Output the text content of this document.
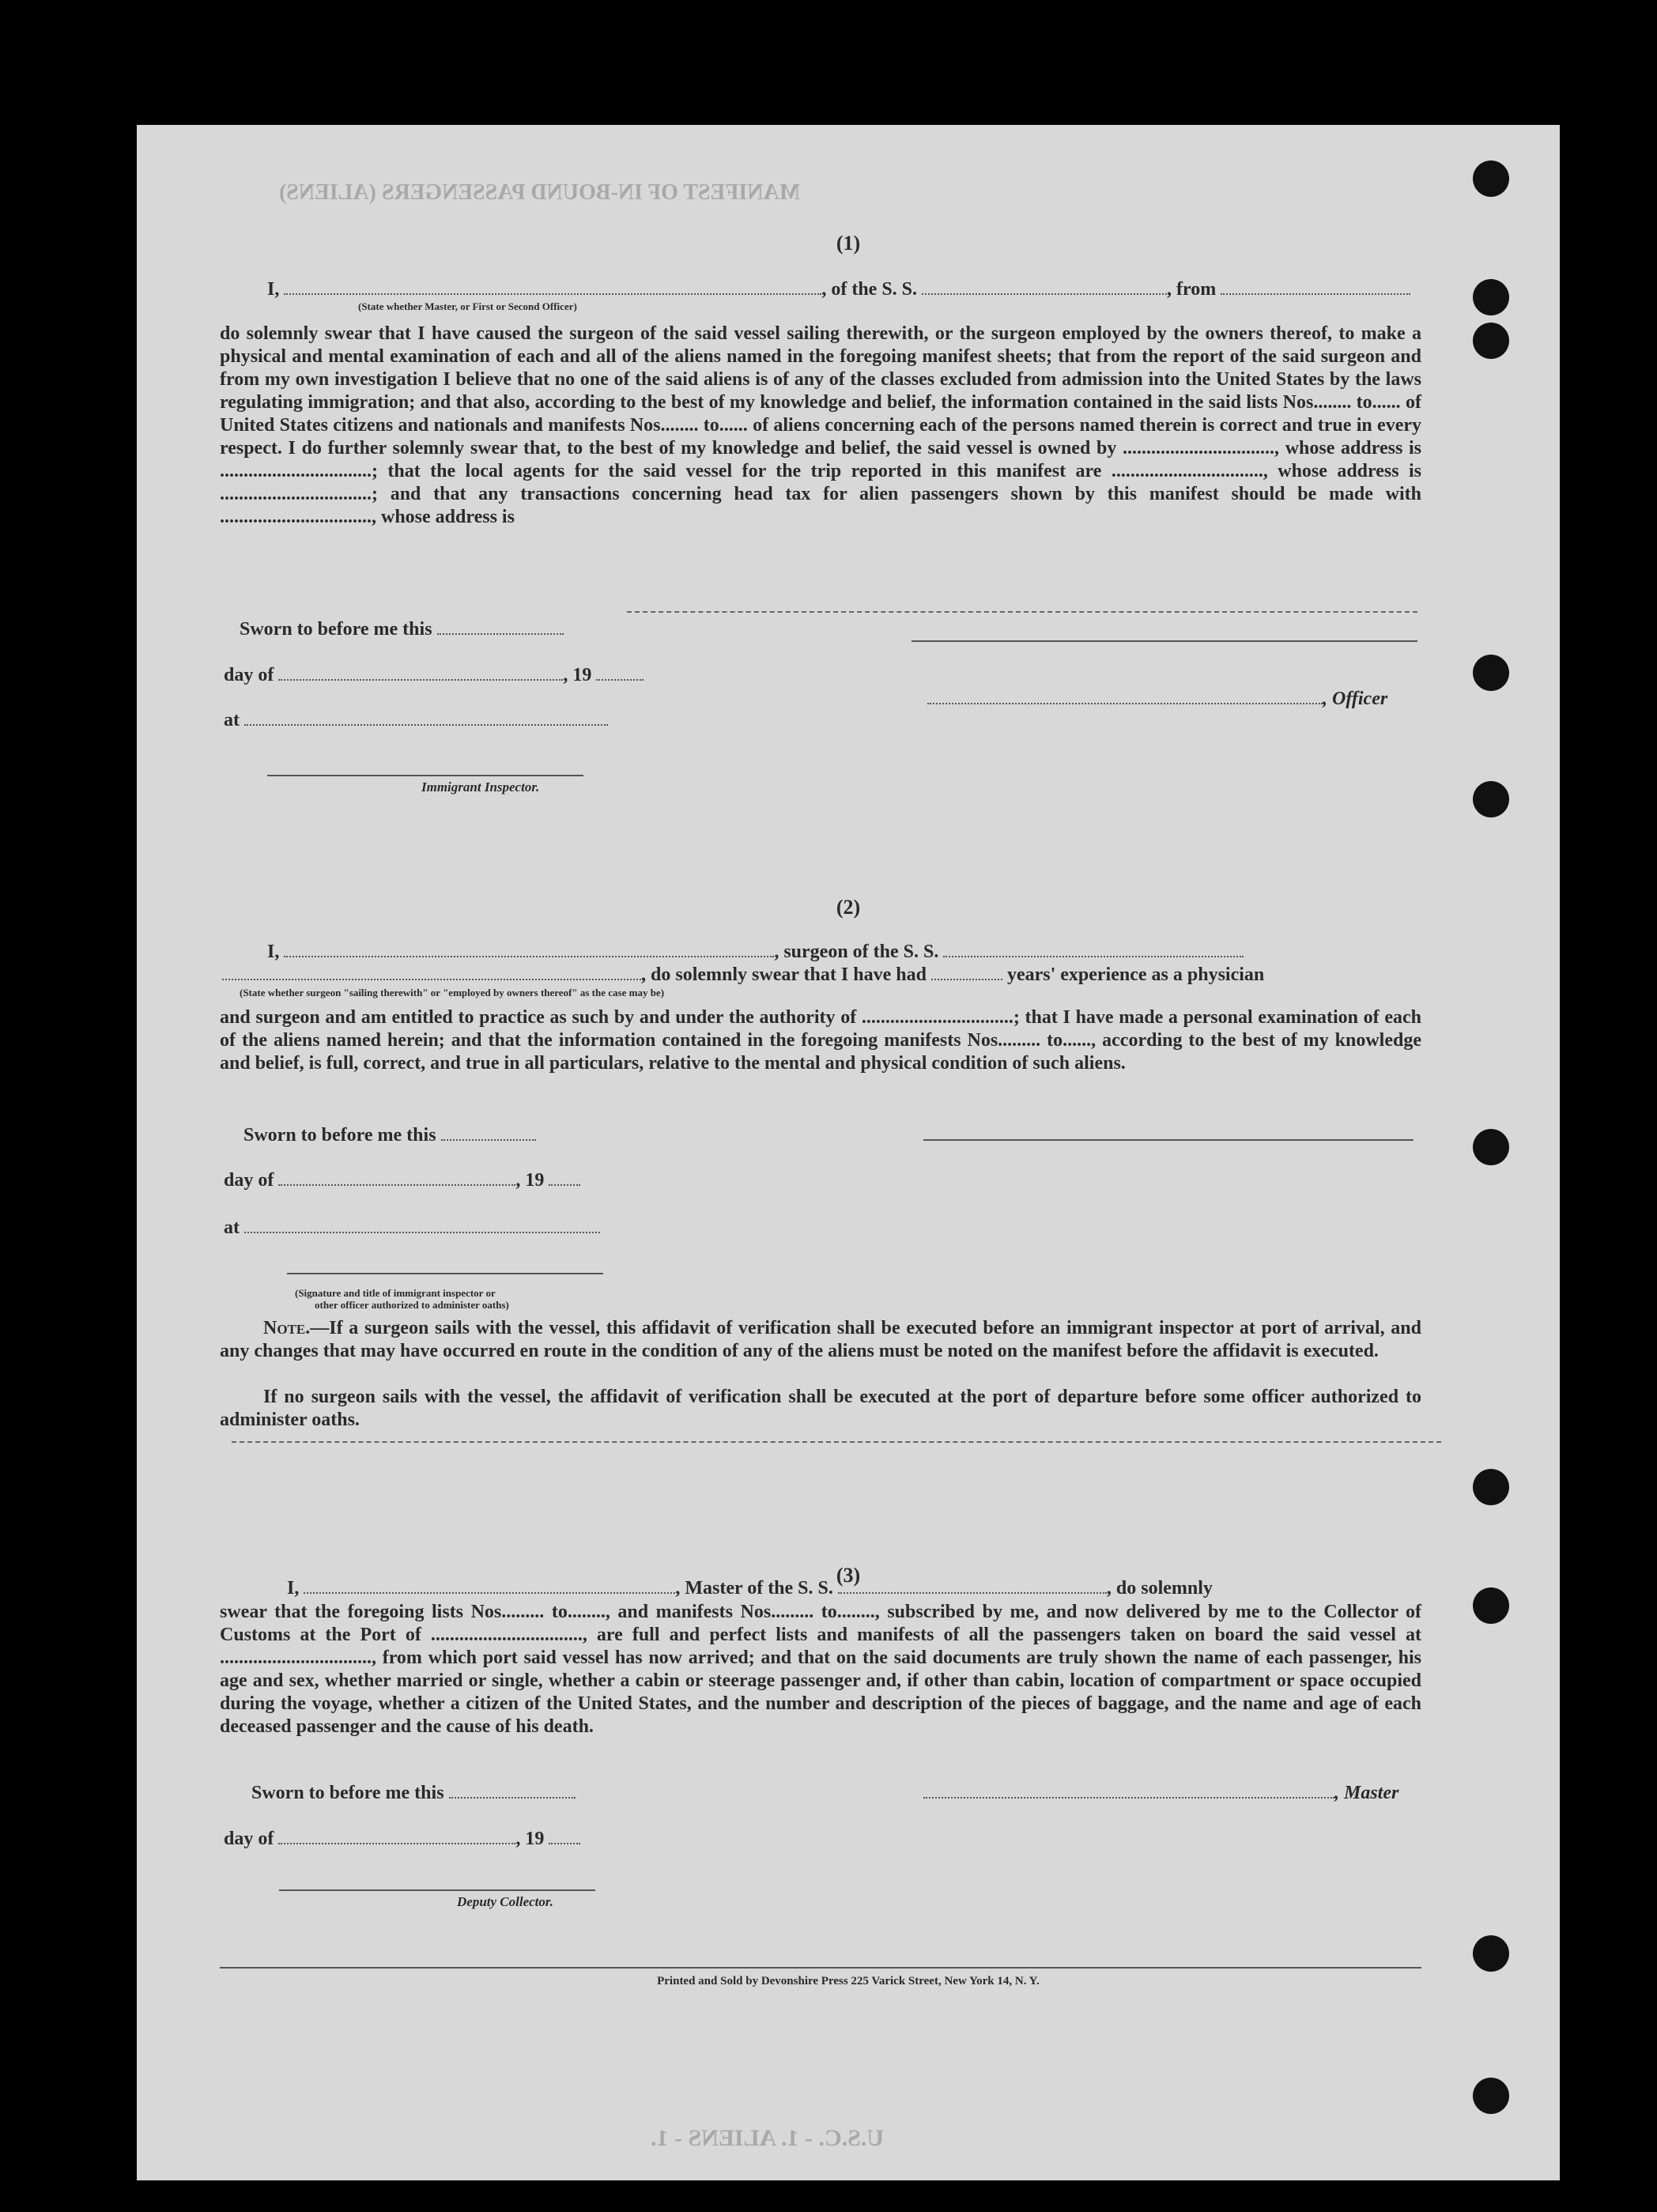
MANIFEST OF IN-BOUND PASSENGERS (ALIENS)
U.S.C. - 1. ALIENS - 1.
(1)
I,	, of the S. S.	, from
(State whether Master, or First or Second Officer)
do solemnly swear that I have caused the surgeon of the said vessel sailing therewith, or the surgeon employed by the owners thereof, to make a physical and mental examination of each and all of the aliens named in the foregoing manifest sheets; that from the report of the said surgeon and from my own investigation I believe that no one of the said aliens is of any of the classes excluded from admission into the United States by the laws regulating immigration; and that also, according to the best of my knowledge and belief, the information contained in the said lists Nos........ to...... of United States citizens and nationals and manifests Nos........ to...... of aliens concerning each of the persons named therein is correct and true in every respect. I do further solemnly swear that, to the best of my knowledge and belief, the said vessel is owned by ................................, whose address is ................................; that the local agents for the said vessel for the trip reported in this manifest are ................................, whose address is ................................; and that any transactions concerning head tax for alien passengers shown by this manifest should be made with ................................, whose address is
Sworn to before me this
day of	, 19
, Officer
at
Immigrant Inspector.
(2)
I,	, surgeon of the S. S.
, do solemnly swear that I have had	years' experience as a physician
(State whether surgeon "sailing therewith" or "employed by owners thereof" as the case may be)
and surgeon and am entitled to practice as such by and under the authority of ................................; that I have made a personal examination of each of the aliens named herein; and that the information contained in the foregoing manifests Nos......... to......, according to the best of my knowledge and belief, is full, correct, and true in all particulars, relative to the mental and physical condition of such aliens.
Sworn to before me this
day of	, 19
at
(Signature and title of immigrant inspector or
other officer authorized to administer oaths)
Note.—If a surgeon sails with the vessel, this affidavit of verification shall be executed before an immigrant inspector at port of arrival, and any changes that may have occurred en route in the condition of any of the aliens must be noted on the manifest before the affidavit is executed.
If no surgeon sails with the vessel, the affidavit of verification shall be executed at the port of departure before some officer authorized to administer oaths.
(3)
I,	, Master of the S. S.	, do solemnly
swear that the foregoing lists Nos......... to........, and manifests Nos......... to........, subscribed by me, and now delivered by me to the Collector of Customs at the Port of ................................, are full and perfect lists and manifests of all the passengers taken on board the said vessel at ................................, from which port said vessel has now arrived; and that on the said documents are truly shown the name of each passenger, his age and sex, whether married or single, whether a cabin or steerage passenger and, if other than cabin, location of compartment or space occupied during the voyage, whether a citizen of the United States, and the number and description of the pieces of baggage, and the name and age of each deceased passenger and the cause of his death.
Sworn to before me this	, Master
day of	, 19
Deputy Collector.
Printed and Sold by Devonshire Press 225 Varick Street, New York 14, N. Y.
